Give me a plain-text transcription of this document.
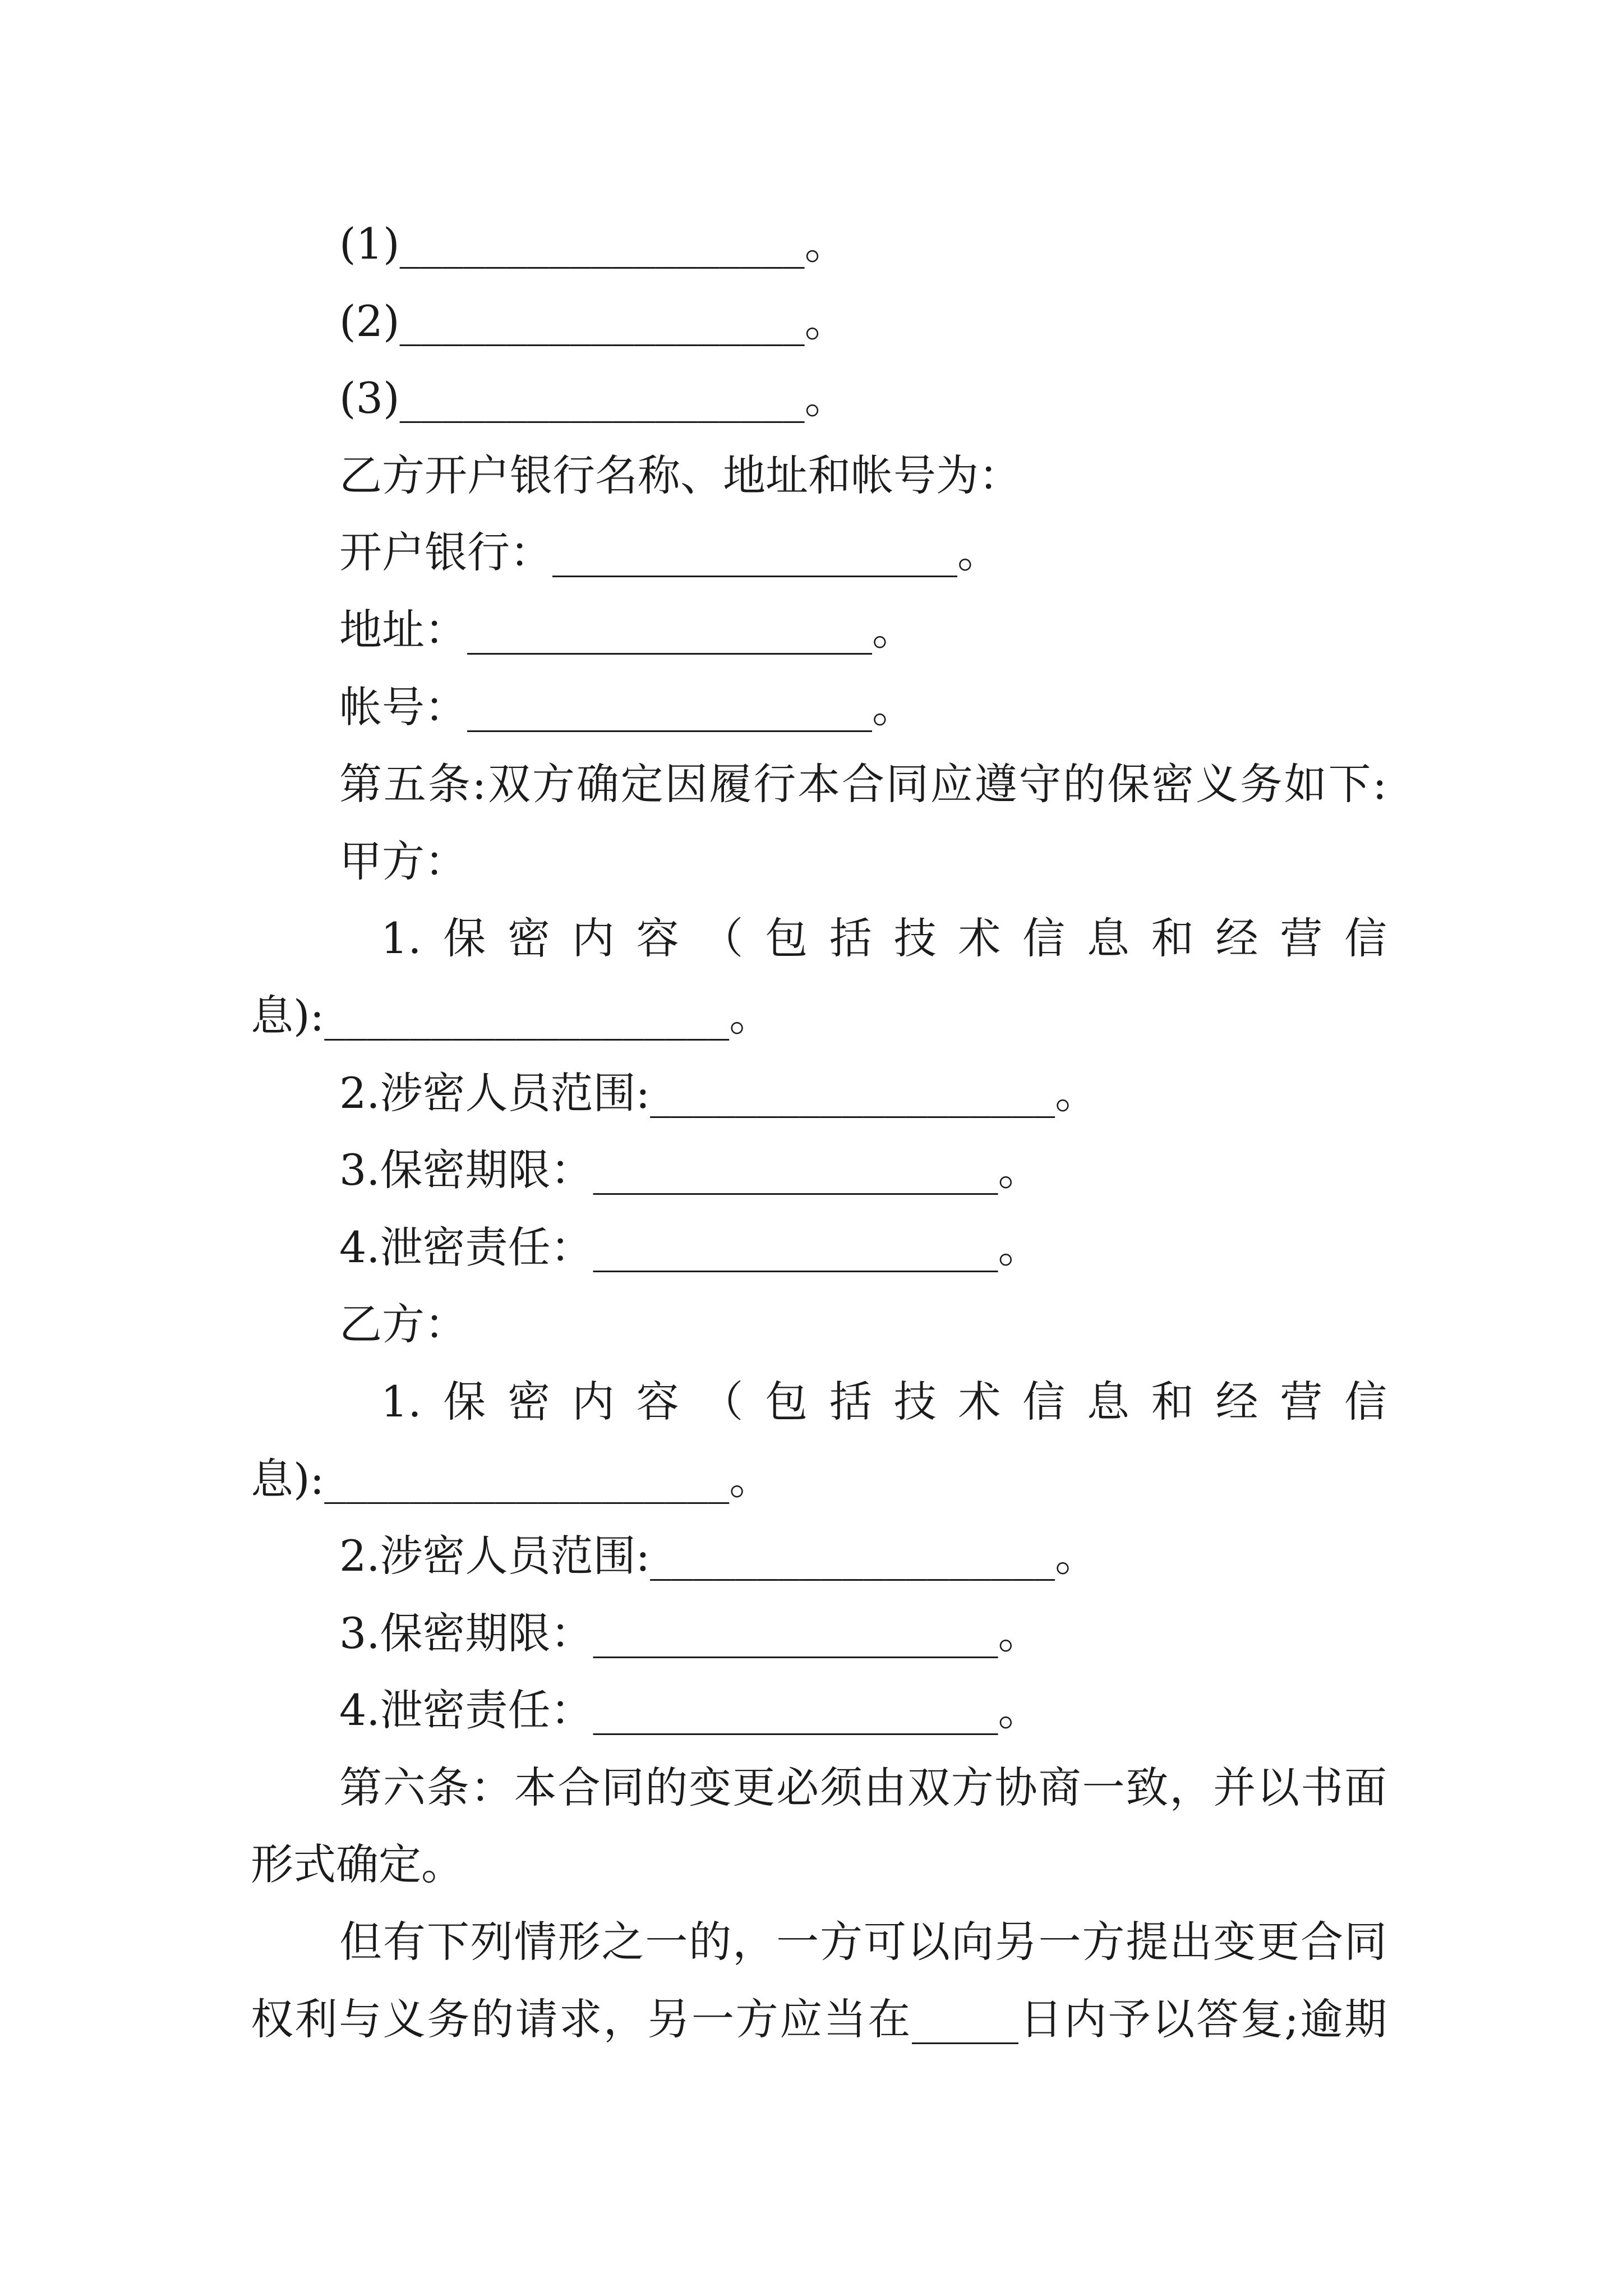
(1)___________________。
(2)___________________。
(3)___________________。
乙方开户银行名称、地址和帐号为：
开户银行：___________________。
地址：___________________。
帐号：___________________。
第五条:双方确定因履行本合同应遵守的保密义务如下:
甲方：
1.保密内容（包括技术信息和经营信
息):___________________。
2.涉密人员范围:___________________。
3.保密期限：___________________。
4.泄密责任：___________________。
乙方：
1.保密内容（包括技术信息和经营信
息):___________________。
2.涉密人员范围:___________________。
3.保密期限：___________________。
4.泄密责任：___________________。
第六条：本合同的变更必须由双方协商一致，并以书面
形式确定。
但有下列情形之一的，一方可以向另一方提出变更合同
权利与义务的请求，另一方应当在_____日内予以答复;逾期
